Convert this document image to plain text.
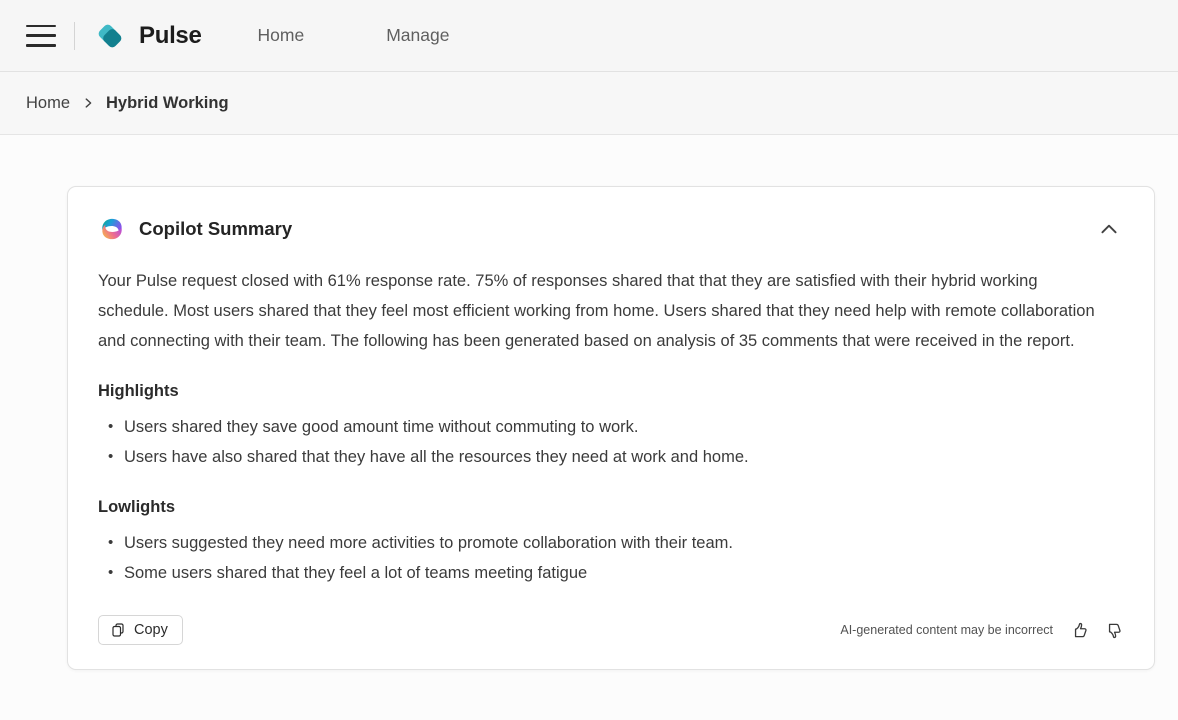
Pulse	Home	Manage
Home Hybrid Working
Copilot Summary

Your Pulse request closed with 61% response rate. 75% of responses shared that that they are satisfied with their hybrid working schedule. Most users shared that they feel most efficient working from home. Users shared that they need help with remote collaboration and connecting with their team. The following has been generated based on analysis of 35 comments that were received in the report.

Highlights
• Users shared they save good amount time without commuting to work.
• Users have also shared that they have all the resources they need at work and home.
Lowlights
• Users suggested they need more activities to promote collaboration with their team.
• Some users shared that they feel a lot of teams meeting fatigue
Copy	AI-generated content may be incorrect
